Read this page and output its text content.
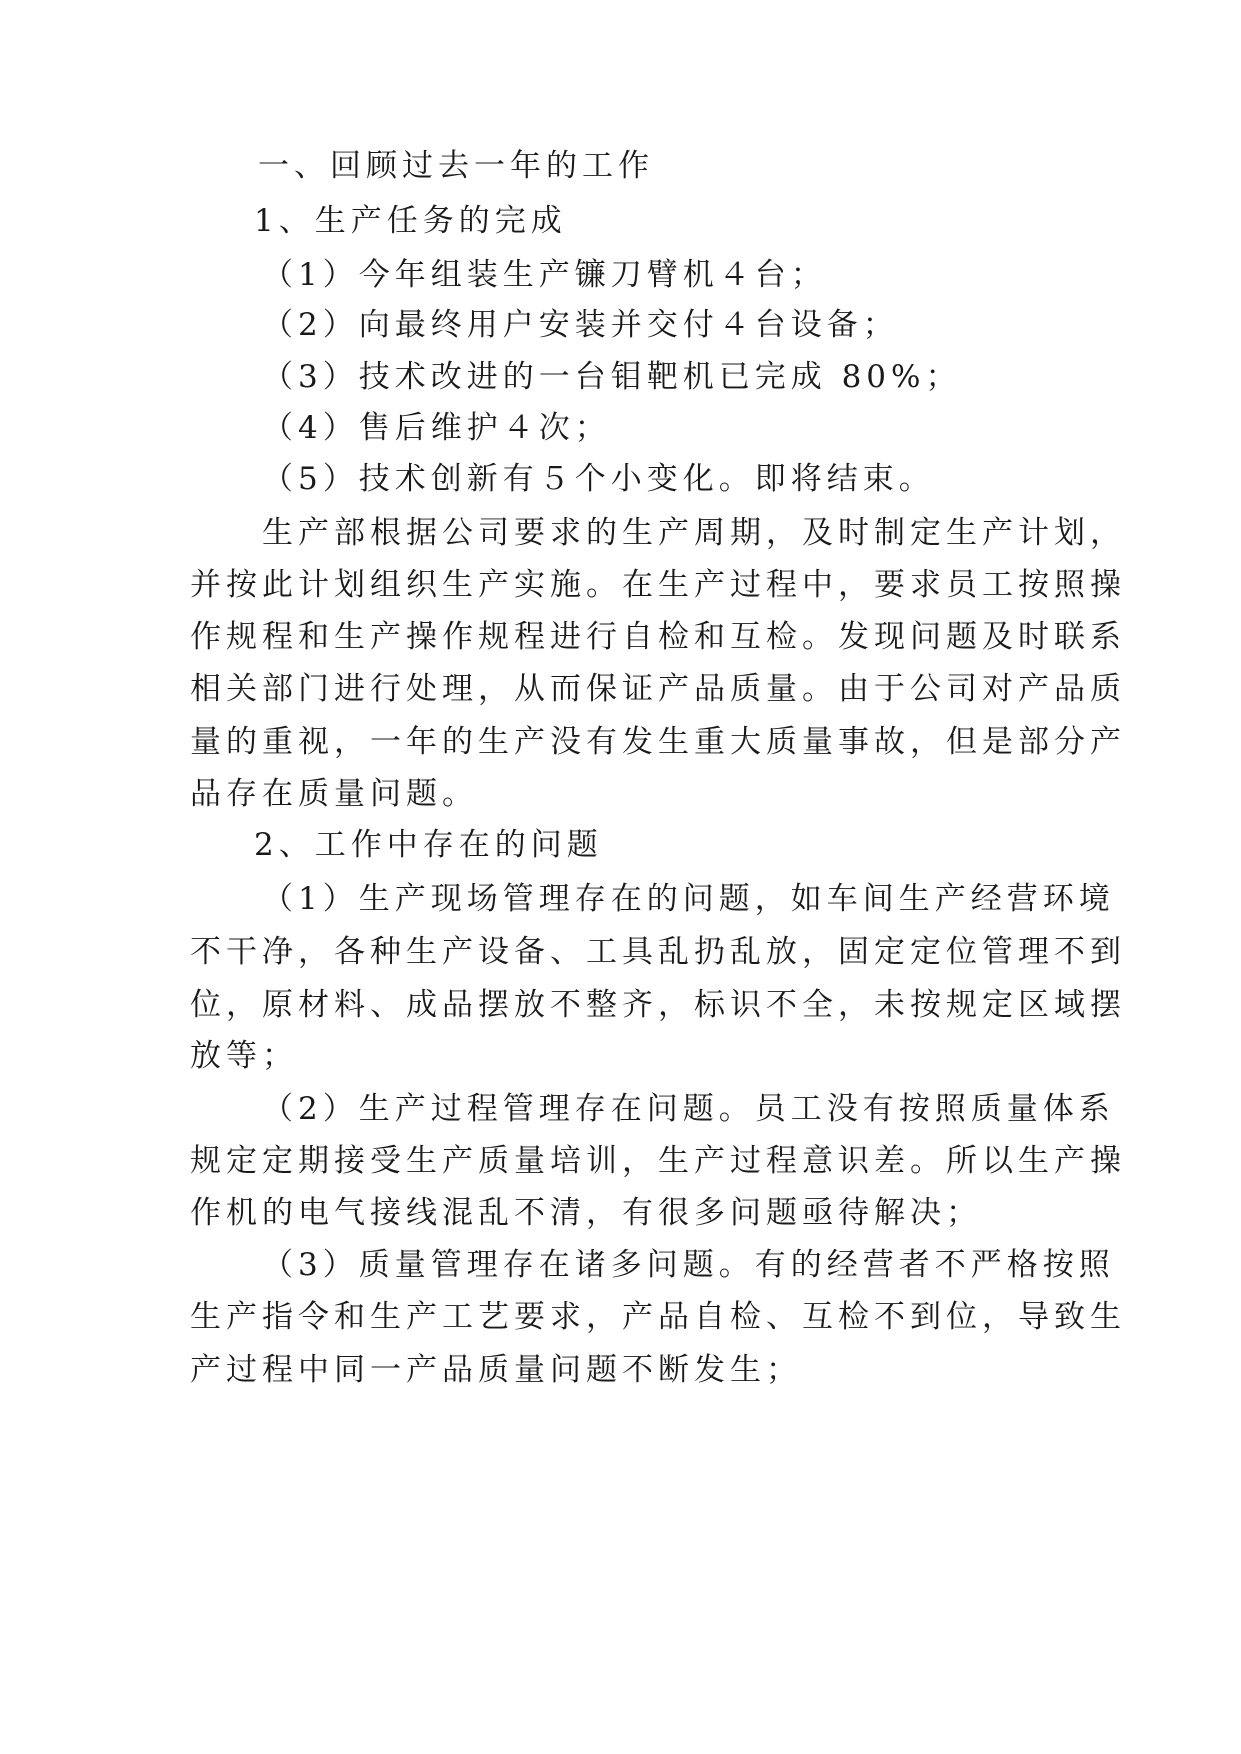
一、回顾过去一年的工作
1、生产任务的完成
（1）今年组装生产镰刀臂机４台；
（2）向最终用户安装并交付４台设备；
（3）技术改进的一台钼靶机已完成 80%；
（4）售后维护４次；
（5）技术创新有５个小变化。即将结束。
生产部根据公司要求的生产周期，及时制定生产计划，
并按此计划组织生产实施。在生产过程中，要求员工按照操
作规程和生产操作规程进行自检和互检。发现问题及时联系
相关部门进行处理，从而保证产品质量。由于公司对产品质
量的重视，一年的生产没有发生重大质量事故，但是部分产
品存在质量问题。
2、工作中存在的问题
（1）生产现场管理存在的问题，如车间生产经营环境
不干净，各种生产设备、工具乱扔乱放，固定定位管理不到
位，原材料、成品摆放不整齐，标识不全，未按规定区域摆
放等；
（2）生产过程管理存在问题。员工没有按照质量体系
规定定期接受生产质量培训，生产过程意识差。所以生产操
作机的电气接线混乱不清，有很多问题亟待解决；
（3）质量管理存在诸多问题。有的经营者不严格按照
生产指令和生产工艺要求，产品自检、互检不到位，导致生
产过程中同一产品质量问题不断发生；
